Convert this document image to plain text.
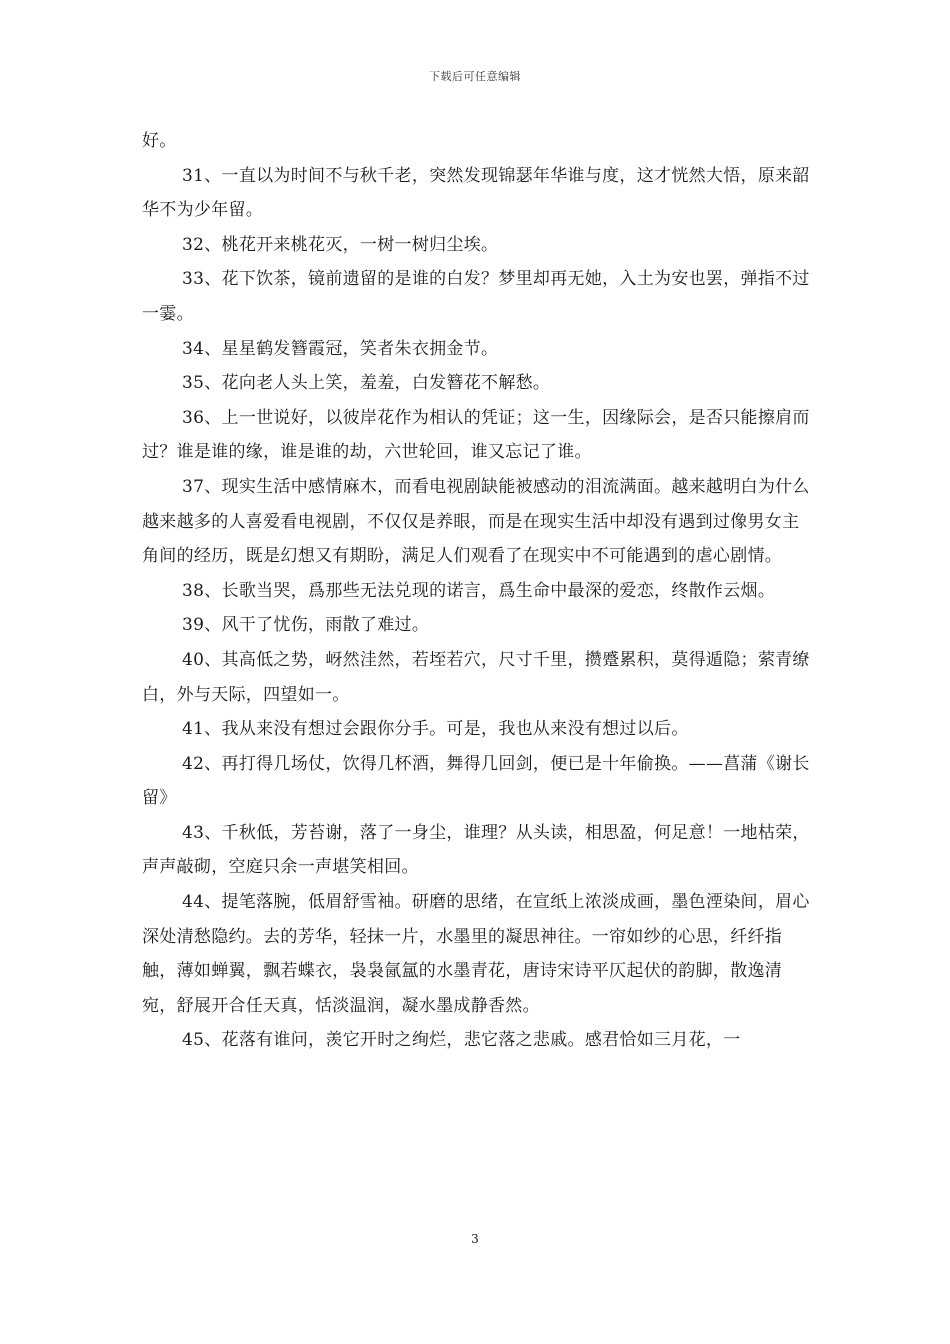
下载后可任意编辑

好。

31、一直以为时间不与秋千老，突然发现锦瑟年华谁与度，这才恍然大悟，原来韶华不为少年留。

32、桃花开来桃花灭，一树一树归尘埃。

33、花下饮茶，镜前遗留的是谁的白发？梦里却再无她，入土为安也罢，弹指不过一霎。

34、星星鹤发簪霞冠，笑者朱衣拥金节。

35、花向老人头上笑，羞羞，白发簪花不解愁。

36、上一世说好，以彼岸花作为相认的凭证；这一生，因缘际会，是否只能擦肩而过？谁是谁的缘，谁是谁的劫，六世轮回，谁又忘记了谁。

37、现实生活中感情麻木，而看电视剧缺能被感动的泪流满面。越来越明白为什么越来越多的人喜爱看电视剧，不仅仅是养眼，而是在现实生活中却没有遇到过像男女主角间的经历，既是幻想又有期盼，满足人们观看了在现实中不可能遇到的虐心剧情。

38、长歌当哭，爲那些无法兑现的诺言，爲生命中最深的爱恋，终散作云烟。

39、风干了忧伤，雨散了难过。

40、其高低之势，岈然洼然，若垤若穴，尺寸千里，攒蹙累积，莫得遁隐；萦青缭白，外与天际，四望如一。

41、我从来没有想过会跟你分手。可是，我也从来没有想过以后。

42、再打得几场仗，饮得几杯酒，舞得几回剑，便已是十年偷换。——菖蒲《谢长留》

43、千秋低，芳苔谢，落了一身尘，谁理？从头读，相思盈，何足意！一地枯荣，声声敲砌，空庭只余一声堪笑相回。

44、提笔落腕，低眉舒雪袖。研磨的思绪，在宣纸上浓淡成画，墨色湮染间，眉心深处清愁隐约。去的芳华，轻抹一片，水墨里的凝思神往。一帘如纱的心思，纤纤指触，薄如蝉翼，飘若蝶衣，袅袅氤氲的水墨青花，唐诗宋诗平仄起伏的韵脚，散逸清宛，舒展开合任天真，恬淡温润，凝水墨成静香然。

45、花落有谁问，羡它开时之绚烂，悲它落之悲戚。感君恰如三月花，一

3
